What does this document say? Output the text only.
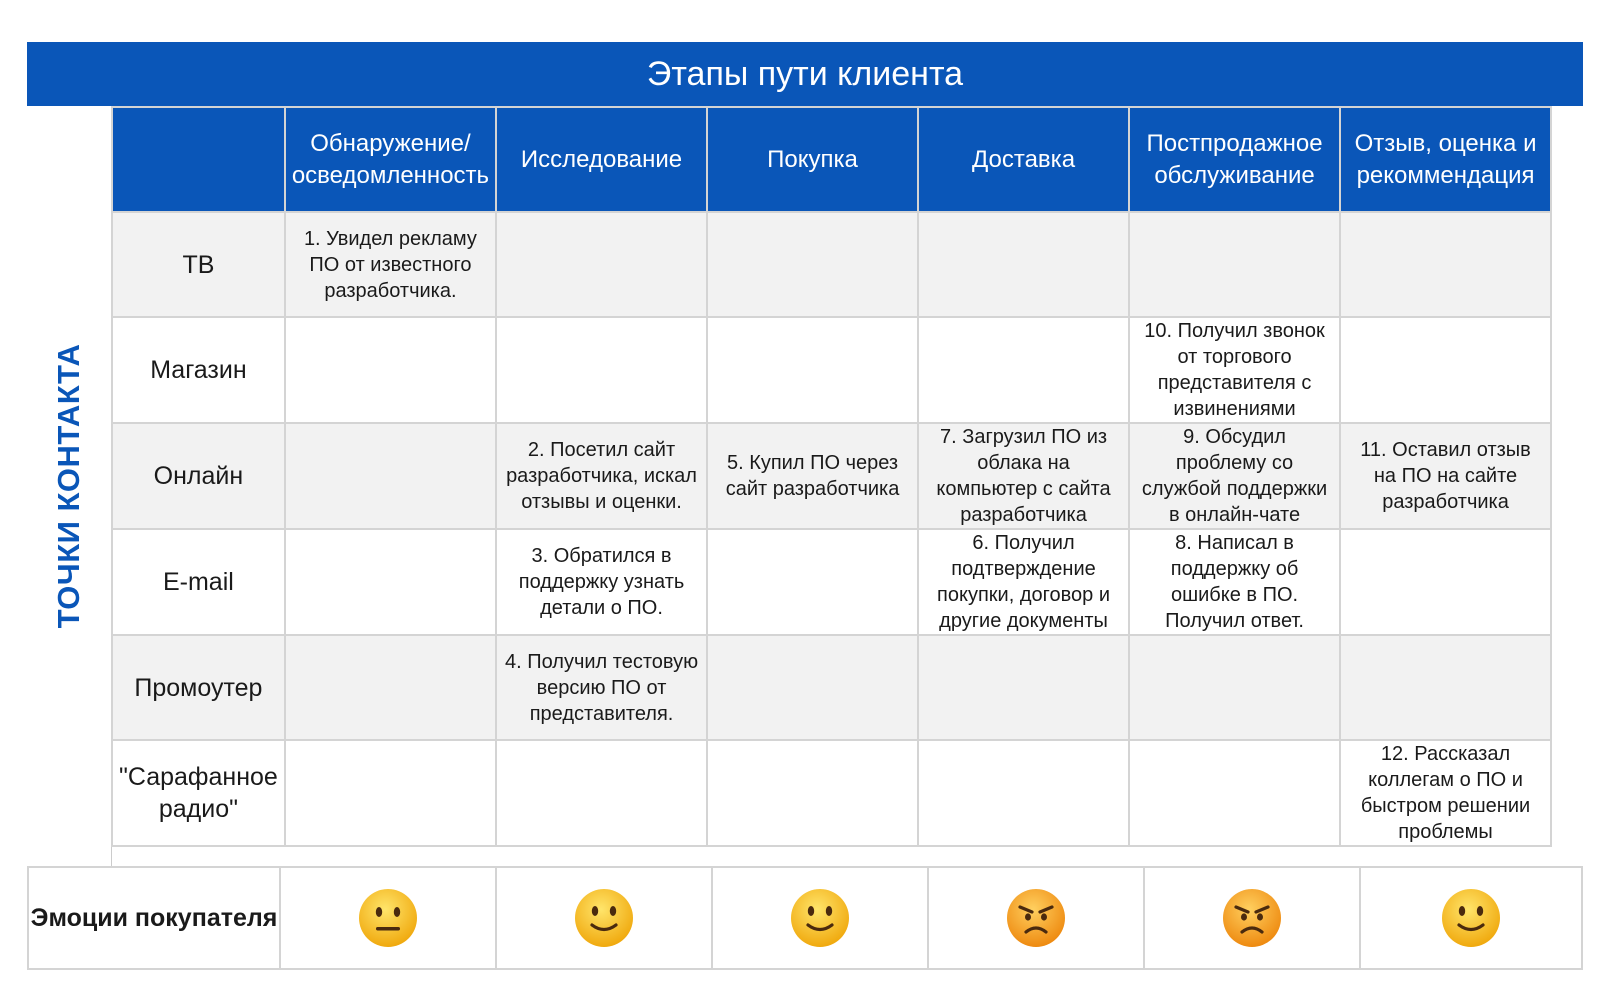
Этапы пути клиента
ТОЧКИ КОНТАКТА
	Обнаружение/ осведомленность	Исследование	Покупка	Доставка	Постпродажное обслуживание	Отзыв, оценка и рекоммендация
ТВ	1. Увидел рекламу ПО от известного разработчика.					
Магазин					10. Получил звонок от торгового представителя с извинениями	
Онлайн		2. Посетил сайт разработчика, искал отзывы и оценки.	5. Купил ПО через сайт разработчика	7. Загрузил ПО из облака на компьютер с сайта разработчика	9. Обсудил проблему со службой поддержки в онлайн-чате	11. Оставил отзыв на ПО на сайте разработчика
E-mail		3. Обратился в поддержку узнать детали о ПО.		6. Получил подтверждение покупки, договор и другие документы	8. Написал в поддержку об ошибке в ПО. Получил ответ.	
Промоутер		4. Получил тестовую версию ПО от представителя.				
"Сарафанное радио"						12. Рассказал коллегам о ПО и быстром решении проблемы
Эмоции покупателя
